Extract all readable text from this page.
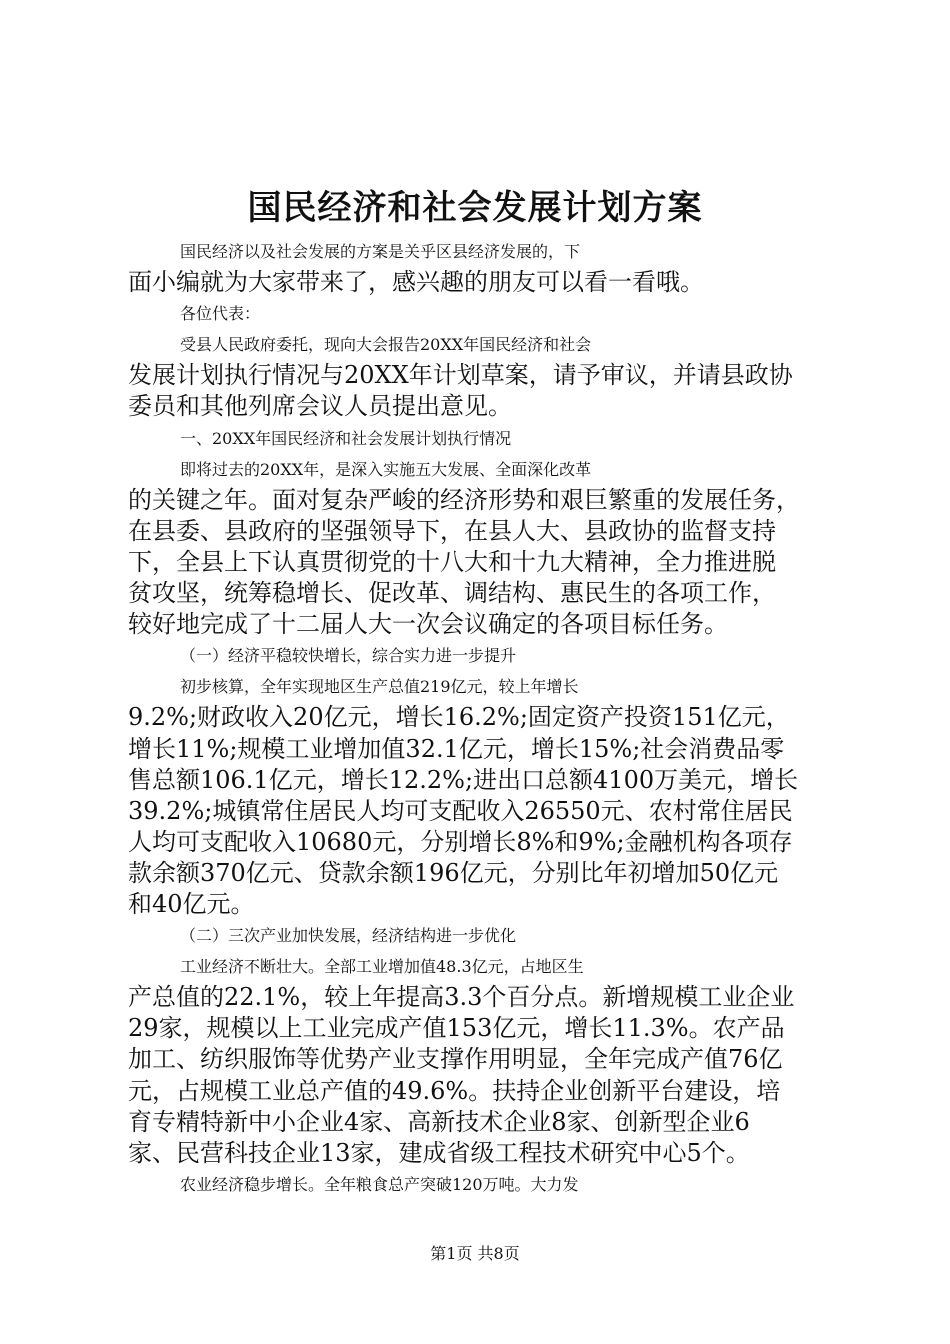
国民经济和社会发展计划方案
国民经济以及社会发展的方案是关乎区县经济发展的，下
面小编就为大家带来了，感兴趣的朋友可以看一看哦。
各位代表：
受县人民政府委托，现向大会报告20XX年国民经济和社会
发展计划执行情况与20XX年计划草案，请予审议，并请县政协
委员和其他列席会议人员提出意见。
一、20XX年国民经济和社会发展计划执行情况
即将过去的20XX年，是深入实施五大发展、全面深化改革
的关键之年。面对复杂严峻的经济形势和艰巨繁重的发展任务，
在县委、县政府的坚强领导下，在县人大、县政协的监督支持
下，全县上下认真贯彻党的十八大和十九大精神，全力推进脱
贫攻坚，统筹稳增长、促改革、调结构、惠民生的各项工作，
较好地完成了十二届人大一次会议确定的各项目标任务。
（一）经济平稳较快增长，综合实力进一步提升
初步核算，全年实现地区生产总值219亿元，较上年增长
9.2%;财政收入20亿元，增长16.2%;固定资产投资151亿元，
增长11%;规模工业增加值32.1亿元，增长15%;社会消费品零
售总额106.1亿元，增长12.2%;进出口总额4100万美元，增长
39.2%;城镇常住居民人均可支配收入26550元、农村常住居民
人均可支配收入10680元，分别增长8%和9%;金融机构各项存
款余额370亿元、贷款余额196亿元，分别比年初增加50亿元
和40亿元。
（二）三次产业加快发展，经济结构进一步优化
工业经济不断壮大。全部工业增加值48.3亿元，占地区生
产总值的22.1%，较上年提高3.3个百分点。新增规模工业企业
29家，规模以上工业完成产值153亿元，增长11.3%。农产品
加工、纺织服饰等优势产业支撑作用明显，全年完成产值76亿
元，占规模工业总产值的49.6%。扶持企业创新平台建设，培
育专精特新中小企业4家、高新技术企业8家、创新型企业6
家、民营科技企业13家，建成省级工程技术研究中心5个。
农业经济稳步增长。全年粮食总产突破120万吨。大力发
第1页 共8页
